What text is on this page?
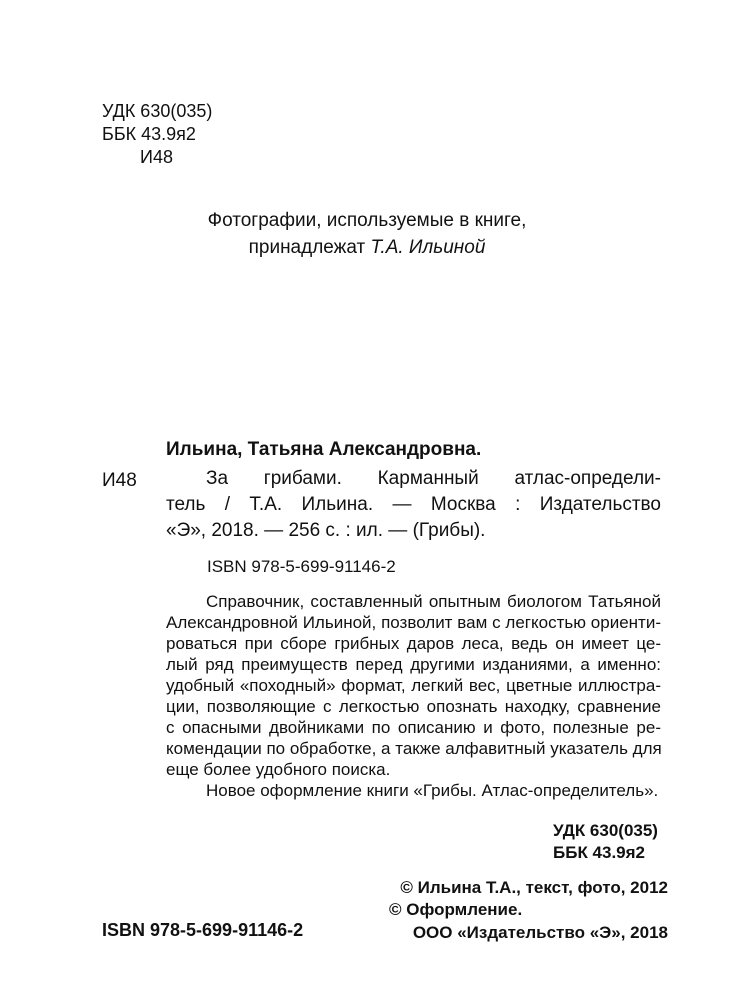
УДК 630(035)
ББК 43.9я2
И48
Фотографии, используемые в книге,
принадлежат Т.А. Ильиной
Ильина, Татьяна Александровна.
И48	За грибами. Карманный атлас-определи-
тель / Т.А. Ильина. — Москва : Издательство
«Э», 2018. — 256 с. : ил. — (Грибы).
ISBN 978-5-699-91146-2
Справочник, составленный опытным биологом Татьяной
Александровной Ильиной, позволит вам с легкостью ориенти-
роваться при сборе грибных даров леса, ведь он имеет це-
лый ряд преимуществ перед другими изданиями, а именно:
удобный «походный» формат, легкий вес, цветные иллюстра-
ции, позволяющие с легкостью опознать находку, сравнение
с опасными двойниками по описанию и фото, полезные ре-
комендации по обработке, а также алфавитный указатель для
еще более удобного поиска.
Новое оформление книги «Грибы. Атлас-определитель».
УДК 630(035)
ББК 43.9я2
© Ильина Т.А., текст, фото, 2012
© Оформление.
ООО «Издательство «Э», 2018
ISBN 978-5-699-91146-2
